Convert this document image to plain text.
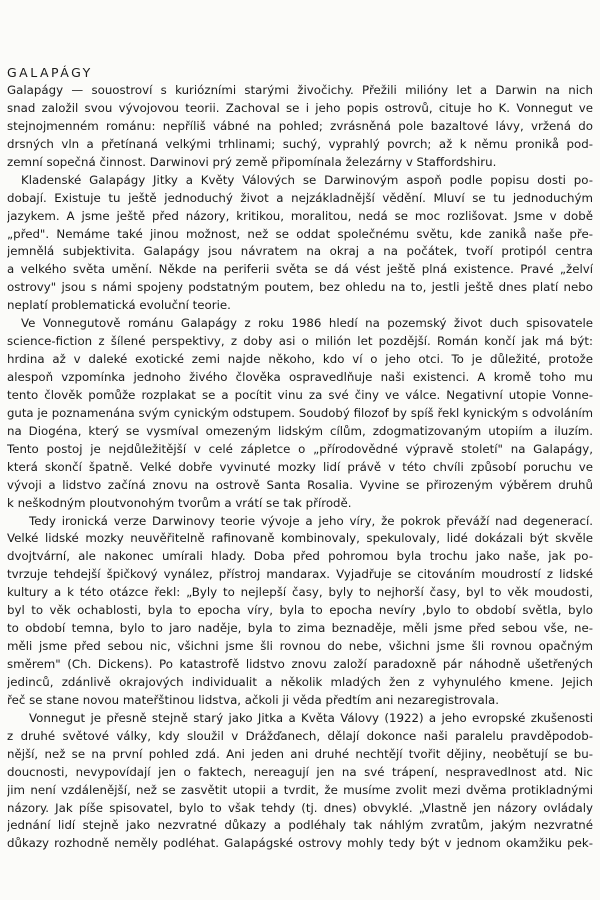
GALAPÁGY
Galapágy — souostroví s kuriózními starými živočichy. Přežili milióny let a Darwin na nich
snad založil svou vývojovou teorii. Zachoval se i jeho popis ostrovů, cituje ho K. Vonnegut ve
stejnojmenném románu: nepříliš vábné na pohled; zvrásněná pole bazaltové lávy, vržená do
drsných vln a přetínaná velkými trhlinami; suchý, vyprahlý povrch; až k němu pronikå pod-
zemní sopečná činnost. Darwinovi prý země připomínala železárny v Staffordshiru.
Kladenské Galapágy Jitky a Květy Válových se Darwinovým aspoň podle popisu dosti po-
dobají. Existuje tu ještě jednoduchý život a nejzákladnější vědění. Mluví se tu jednoduchým
jazykem. A jsme ještě před názory, kritikou, moralitou, nedá se moc rozlišovat. Jsme v době
„před". Nemáme také jinou možnost, než se oddat společnému světu, kde zanikå naše pře-
jemnělá subjektivita. Galapágy jsou návratem na okraj a na počátek, tvoří protipól centra
a velkého světa umění. Někde na periferii světa se dá vést ještě plná existence. Pravé „želví
ostrovy" jsou s námi spojeny podstatným poutem, bez ohledu na to, jestli ještě dnes platí nebo
neplatí problematická evoluční teorie.
Ve Vonnegutově románu Galapágy z roku 1986 hledí na pozemský život duch spisovatele
science-fiction z šílené perspektivy, z doby asi o milión let pozdější. Román končí jak má být:
hrdina až v daleké exotické zemi najde někoho, kdo ví o jeho otci. To je důležité, protože
alespoň vzpomínka jednoho živého člověka ospravedlňuje naši existenci. A kromě toho mu
tento člověk pomůže rozplakat se a pocítit vinu za své činy ve válce. Negativní utopie Vonne-
guta je poznamenána svým cynickým odstupem. Soudobý filozof by spíš řekl kynickým s odvoláním
na Diogéna, který se vysmíval omezeným lidským cílům, zdogmatizovaným utopiím a iluzím.
Tento postoj je nejdůležitější v celé zápletce o „přírodovědné výpravě století" na Galapágy,
která skončí špatně. Velké dobře vyvinuté mozky lidí právě v této chvíli způsobí poruchu ve
vývoji a lidstvo začíná znovu na ostrově Santa Rosalia. Vyvine se přirozeným výběrem druhů
k neškodným ploutvonohým tvorům a vrátí se tak přírodě.
Tedy ironická verze Darwinovy teorie vývoje a jeho víry, že pokrok převáží nad degenerací.
Velké lidské mozky neuvěřitelně rafinovaně kombinovaly, spekulovaly, lidé dokázali být skvěle
dvojtvární, ale nakonec umírali hlady. Doba před pohromou byla trochu jako naše, jak po-
tvrzuje tehdejší špičkový vynález, přístroj mandarax. Vyjadřuje se citováním moudrostí z lidské
kultury a k této otázce řekl: „Byly to nejlepší časy, byly to nejhorší časy, byl to věk moudosti,
byl to věk ochablosti, byla to epocha víry, byla to epocha nevíry ,bylo to období světla, bylo
to období temna, bylo to jaro naděje, byla to zima beznaděje, měli jsme před sebou vše, ne-
měli jsme před sebou nic, všichni jsme šli rovnou do nebe, všichni jsme šli rovnou opačným
směrem" (Ch. Dickens). Po katastrofě lidstvo znovu založí paradoxně pár náhodně ušetřených
jedinců, zdánlivě okrajových individualit a několik mladých žen z vyhynulého kmene. Jejich
řeč se stane novou mateřštinou lidstva, ačkoli ji věda předtím ani nezaregistrovala.
Vonnegut je přesně stejně starý jako Jitka a Květa Válovy (1922) a jeho evropské zkušenosti
z druhé světové války, kdy sloužil v Drážďanech, dělají dokonce naši paralelu pravděpodob-
nější, než se na první pohled zdá. Ani jeden ani druhé nechtějí tvořit dějiny, neobětují se bu-
doucnosti, nevypovídají jen o faktech, nereagují jen na své trápení, nespravedlnost atd. Nic
jim není vzdálenější, než se zasvětit utopii a tvrdit, že musíme zvolit mezi dvěma protikladnými
názory. Jak píše spisovatel, bylo to však tehdy (tj. dnes) obvyklé. „Vlastně jen názory ovládaly
jednání lidí stejně jako nezvratné důkazy a podléhaly tak náhlým zvratům, jakým nezvratné
důkazy rozhodně neměly podléhat. Galapágské ostrovy mohly tedy být v jednom okamžiku pek-
